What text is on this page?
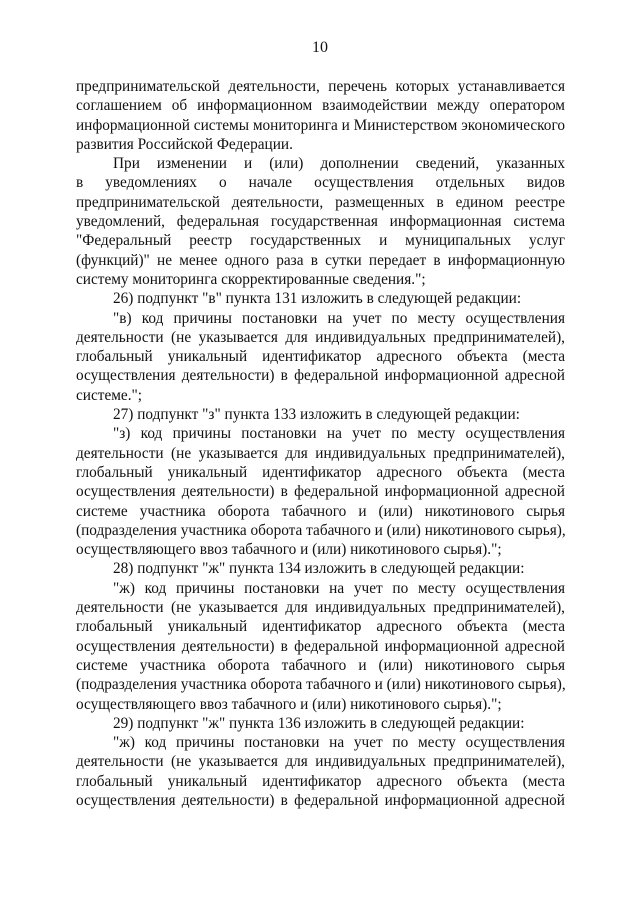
10
предпринимательской деятельности, перечень которых устанавливается
соглашением об информационном взаимодействии между оператором
информационной системы мониторинга и Министерством экономического
развития Российской Федерации.
При изменении и (или) дополнении сведений, указанных
в уведомлениях о начале осуществления отдельных видов
предпринимательской деятельности, размещенных в едином реестре
уведомлений, федеральная государственная информационная система
"Федеральный реестр государственных и муниципальных услуг
(функций)" не менее одного раза в сутки передает в информационную
систему мониторинга скорректированные сведения.";
26) подпункт "в" пункта 131 изложить в следующей редакции:
"в) код причины постановки на учет по месту осуществления
деятельности (не указывается для индивидуальных предпринимателей),
глобальный уникальный идентификатор адресного объекта (места
осуществления деятельности) в федеральной информационной адресной
системе.";
27) подпункт "з" пункта 133 изложить в следующей редакции:
"з) код причины постановки на учет по месту осуществления
деятельности (не указывается для индивидуальных предпринимателей),
глобальный уникальный идентификатор адресного объекта (места
осуществления деятельности) в федеральной информационной адресной
системе участника оборота табачного и (или) никотинового сырья
(подразделения участника оборота табачного и (или) никотинового сырья),
осуществляющего ввоз табачного и (или) никотинового сырья).";
28) подпункт "ж" пункта 134 изложить в следующей редакции:
"ж) код причины постановки на учет по месту осуществления
деятельности (не указывается для индивидуальных предпринимателей),
глобальный уникальный идентификатор адресного объекта (места
осуществления деятельности) в федеральной информационной адресной
системе участника оборота табачного и (или) никотинового сырья
(подразделения участника оборота табачного и (или) никотинового сырья),
осуществляющего ввоз табачного и (или) никотинового сырья).";
29) подпункт "ж" пункта 136 изложить в следующей редакции:
"ж) код причины постановки на учет по месту осуществления
деятельности (не указывается для индивидуальных предпринимателей),
глобальный уникальный идентификатор адресного объекта (места
осуществления деятельности) в федеральной информационной адресной
